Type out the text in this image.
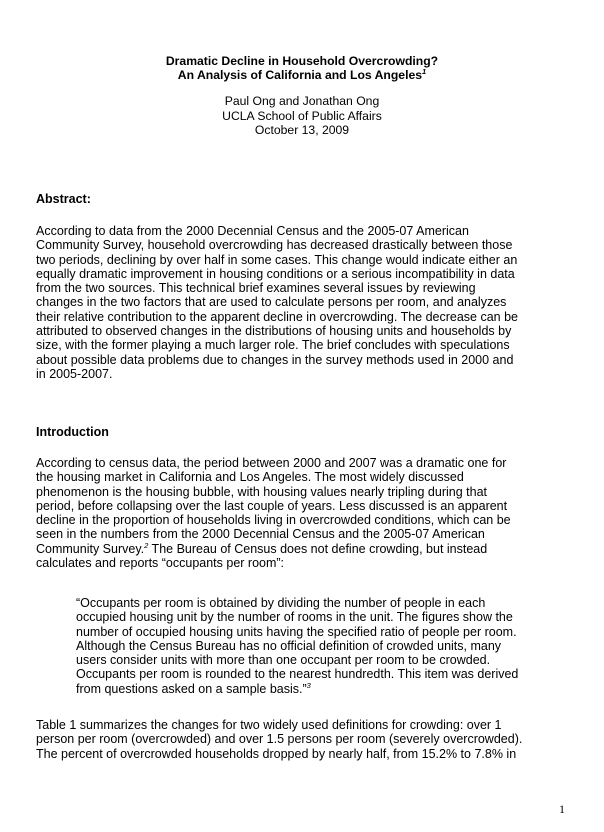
Dramatic Decline in Household Overcrowding?
An Analysis of California and Los Angeles$^1$
Paul Ong and Jonathan Ong
UCLA School of Public Affairs
October 13, 2009
Abstract:
According to data from the 2000 Decennial Census and the 2005-07 American
Community Survey, household overcrowding has decreased drastically between those
two periods, declining by over half in some cases. This change would indicate either an
equally dramatic improvement in housing conditions or a serious incompatibility in data
from the two sources. This technical brief examines several issues by reviewing
changes in the two factors that are used to calculate persons per room, and analyzes
their relative contribution to the apparent decline in overcrowding. The decrease can be
attributed to observed changes in the distributions of housing units and households by
size, with the former playing a much larger role. The brief concludes with speculations
about possible data problems due to changes in the survey methods used in 2000 and
in 2005-2007.
Introduction
According to census data, the period between 2000 and 2007 was a dramatic one for
the housing market in California and Los Angeles. The most widely discussed
phenomenon is the housing bubble, with housing values nearly tripling during that
period, before collapsing over the last couple of years. Less discussed is an apparent
decline in the proportion of households living in overcrowded conditions, which can be
seen in the numbers from the 2000 Decennial Census and the 2005-07 American
Community Survey.$^2$ The Bureau of Census does not define crowding, but instead
calculates and reports “occupants per room”:
“Occupants per room is obtained by dividing the number of people in each
occupied housing unit by the number of rooms in the unit. The figures show the
number of occupied housing units having the specified ratio of people per room.
Although the Census Bureau has no official definition of crowded units, many
users consider units with more than one occupant per room to be crowded.
Occupants per room is rounded to the nearest hundredth. This item was derived
from questions asked on a sample basis.”$^3$
Table 1 summarizes the changes for two widely used definitions for crowding: over 1
person per room (overcrowded) and over 1.5 persons per room (severely overcrowded).
The percent of overcrowded households dropped by nearly half, from 15.2% to 7.8% in
1
